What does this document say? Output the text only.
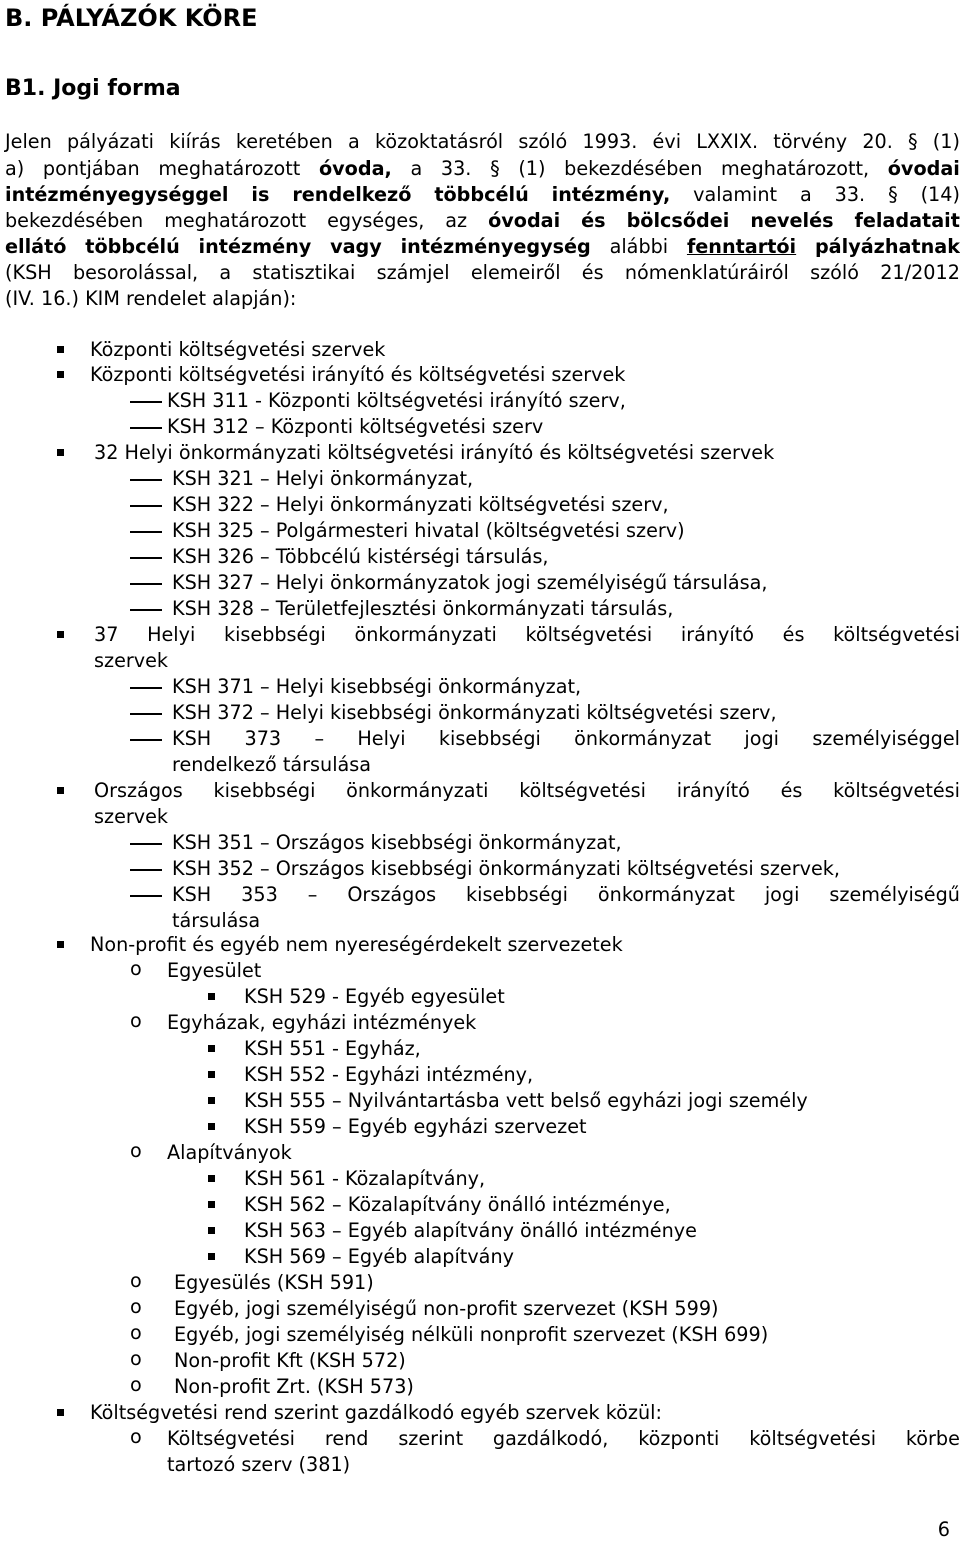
B. PÁLYÁZÓK KÖRE
B1. Jogi forma
Jelen pályázati kiírás keretében a közoktatásról szóló 1993. évi LXXIX. törvény 20. § (1)
a) pontjában meghatározott óvoda, a 33. § (1) bekezdésében meghatározott, óvodai
intézményegységgel is rendelkező többcélú intézmény, valamint a 33. § (14)
bekezdésében meghatározott egységes, az óvodai és bölcsődei nevelés feladatait
ellátó többcélú intézmény vagy intézményegység alábbi fenntartói pályázhatnak
(KSH besorolással, a statisztikai számjel elemeiről és nómenklatúráiról szóló 21/2012
(IV. 16.) KIM rendelet alapján):
Központi költségvetési szervek
Központi költségvetési irányító és költségvetési szervek
KSH 311 - Központi költségvetési irányító szerv,
KSH 312 – Központi költségvetési szerv
32 Helyi önkormányzati költségvetési irányító és költségvetési szervek
KSH 321 – Helyi önkormányzat,
KSH 322 – Helyi önkormányzati költségvetési szerv,
KSH 325 – Polgármesteri hivatal (költségvetési szerv)
KSH 326 – Többcélú kistérségi társulás,
KSH 327 – Helyi önkormányzatok jogi személyiségű társulása,
KSH 328 – Területfejlesztési önkormányzati társulás,
37 Helyi kisebbségi önkormányzati költségvetési irányító és költségvetési
szervek
KSH 371 – Helyi kisebbségi önkormányzat,
KSH 372 – Helyi kisebbségi önkormányzati költségvetési szerv,
KSH 373 – Helyi kisebbségi önkormányzat jogi személyiséggel
rendelkező társulása
Országos kisebbségi önkormányzati költségvetési irányító és költségvetési
szervek
KSH 351 – Országos kisebbségi önkormányzat,
KSH 352 – Országos kisebbségi önkormányzati költségvetési szervek,
KSH 353 – Országos kisebbségi önkormányzat jogi személyiségű
társulása
Non-profit és egyéb nem nyereségérdekelt szervezetek
o Egyesület
KSH 529 - Egyéb egyesület
o Egyházak, egyházi intézmények
KSH 551 - Egyház,
KSH 552 - Egyházi intézmény,
KSH 555 – Nyilvántartásba vett belső egyházi jogi személy
KSH 559 – Egyéb egyházi szervezet
o Alapítványok
KSH 561 - Közalapítvány,
KSH 562 – Közalapítvány önálló intézménye,
KSH 563 – Egyéb alapítvány önálló intézménye
KSH 569 – Egyéb alapítvány
o Egyesülés (KSH 591)
o Egyéb, jogi személyiségű non-profit szervezet (KSH 599)
o Egyéb, jogi személyiség nélküli nonprofit szervezet (KSH 699)
o Non-profit Kft (KSH 572)
o Non-profit Zrt. (KSH 573)
Költségvetési rend szerint gazdálkodó egyéb szervek közül:
o Költségvetési rend szerint gazdálkodó, központi költségvetési körbe
tartozó szerv (381)
6
